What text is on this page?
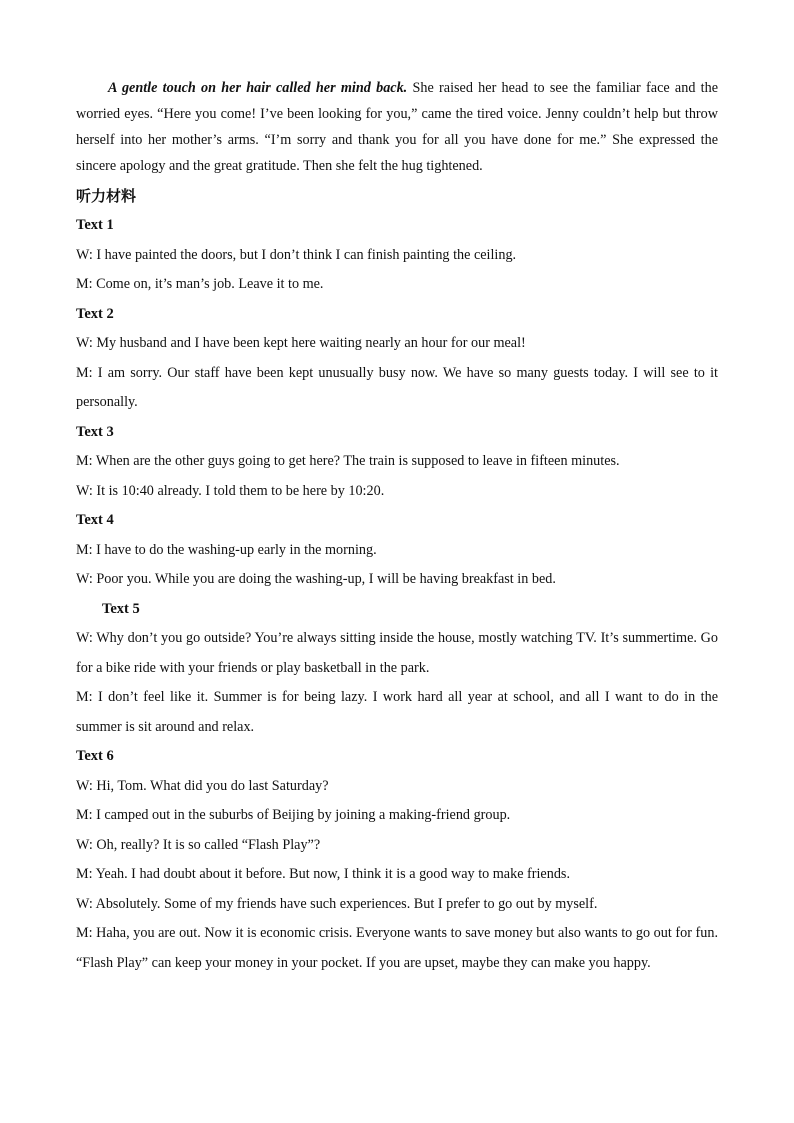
A gentle touch on her hair called her mind back. She raised her head to see the familiar face and the worried eyes. “Here you come! I’ve been looking for you,” came the tired voice. Jenny couldn’t help but throw herself into her mother’s arms. “I’m sorry and thank you for all you have done for me.” She expressed the sincere apology and the great gratitude. Then she felt the hug tightened.

听力材料
Text 1

W: I have painted the doors, but I don’t think I can finish painting the ceiling.

M: Come on, it’s man’s job. Leave it to me.

Text 2

W: My husband and I have been kept here waiting nearly an hour for our meal!

M: I am sorry. Our staff have been kept unusually busy now. We have so many guests today. I will see to it personally.

Text 3

M: When are the other guys going to get here? The train is supposed to leave in fifteen minutes.

W: It is 10:40 already. I told them to be here by 10:20.

Text 4

M: I have to do the washing-up early in the morning.

W: Poor you. While you are doing the washing-up, I will be having breakfast in bed.

Text 5

W: Why don’t you go outside? You’re always sitting inside the house, mostly watching TV. It’s summertime. Go for a bike ride with your friends or play basketball in the park.

M: I don’t feel like it. Summer is for being lazy. I work hard all year at school, and all I want to do in the summer is sit around and relax.

Text 6

W: Hi, Tom. What did you do last Saturday?

M: I camped out in the suburbs of Beijing by joining a making-friend group.

W: Oh, really? It is so called “Flash Play”?

M: Yeah. I had doubt about it before. But now, I think it is a good way to make friends.

W: Absolutely. Some of my friends have such experiences. But I prefer to go out by myself.

M: Haha, you are out. Now it is economic crisis. Everyone wants to save money but also wants to go out for fun. “Flash Play” can keep your money in your pocket. If you are upset, maybe they can make you happy.
